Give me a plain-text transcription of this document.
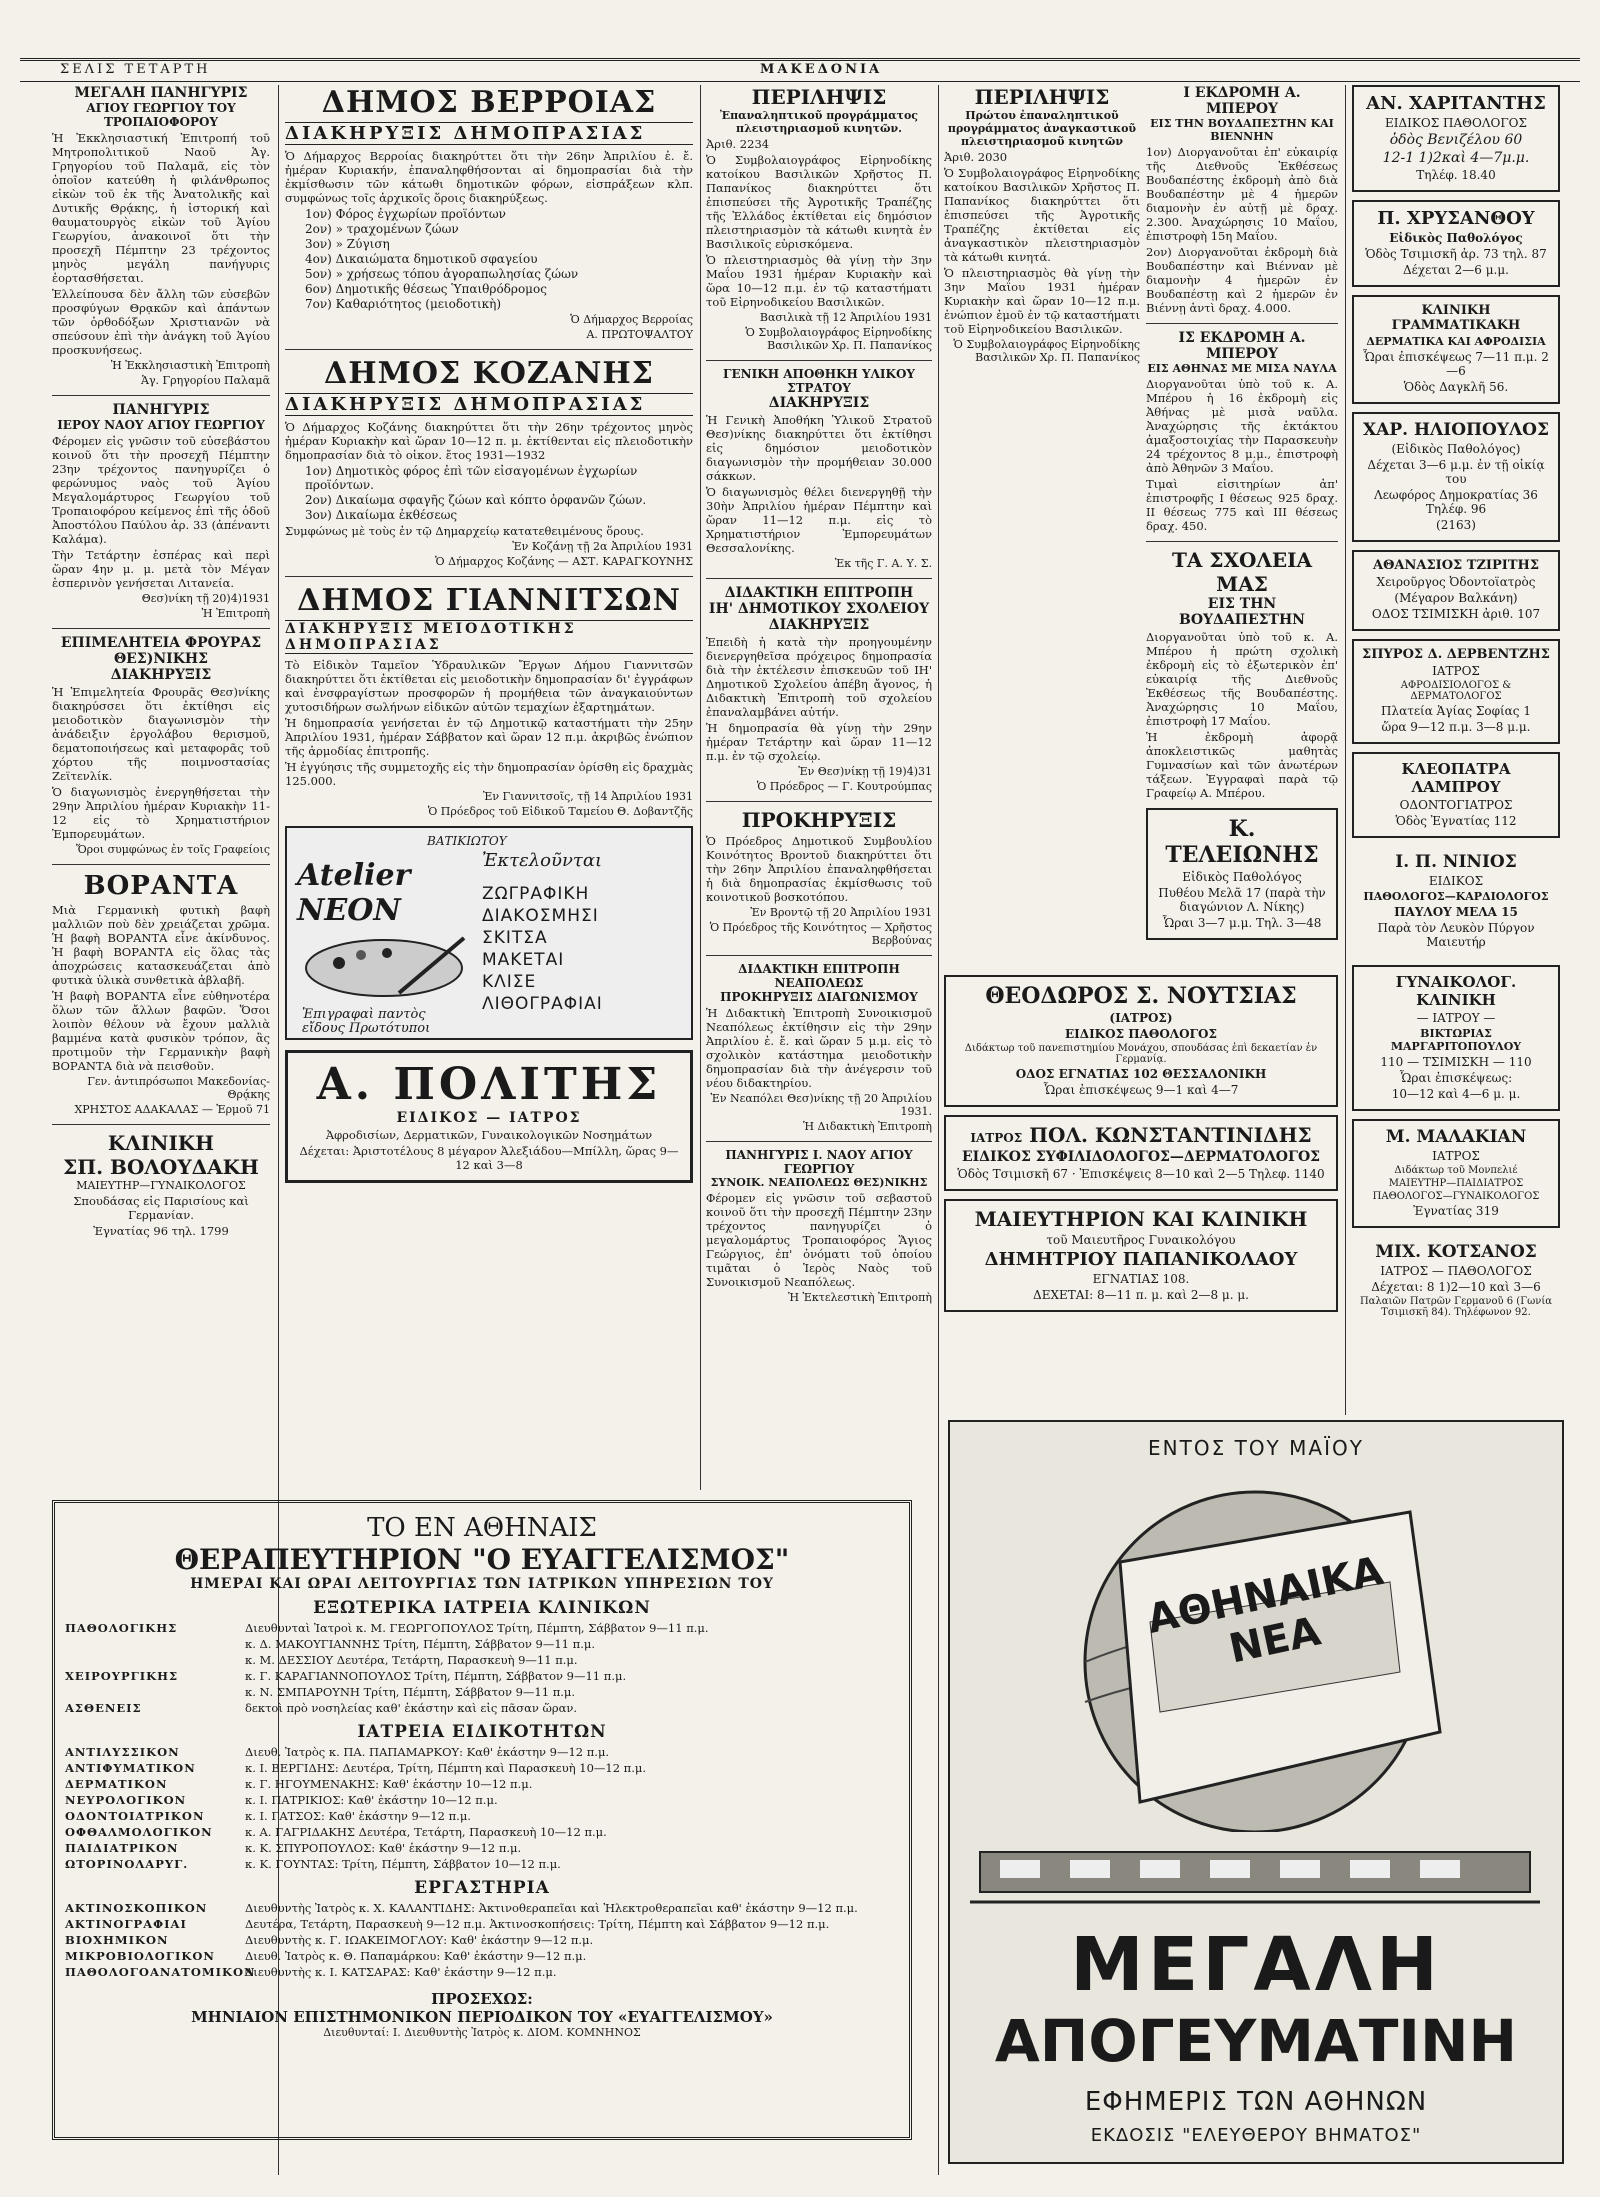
ΣΕΛΙΣ ΤΕΤΑΡΤΗ	ΜΑΚΕΔΟΝΙΑ
ΜΕΓΑΛΗ ΠΑΝΗΓΥΡΙΣ
ΑΓΙΟΥ ΓΕΩΡΓΙΟΥ ΤΟΥ ΤΡΟΠΑΙΟΦΟΡΟΥ

Ἡ Ἐκκλησιαστική Ἐπιτροπή τοῦ Μητροπολιτικοῦ Ναοῦ Ἁγ. Γρηγορίου τοῦ Παλαμᾶ, εἰς τὸν ὁποῖον κατεύθη ἡ φιλάνθρωπος εἰκὼν τοῦ ἐκ τῆς Ἀνατολικῆς καὶ Δυτικῆς Θρᾴκης, ἡ ἱστορική καὶ θαυματουργὸς εἰκὼν τοῦ Ἁγίου Γεωργίου, ἀνακοινοῖ ὅτι τὴν προσεχῆ Πέμπτην 23 τρέχοντος μηνὸς μεγάλη πανήγυρις ἐορτασθήσεται.

Ἑλλείπουσα δὲν ἄλλη τῶν εὐσεβῶν προσφύγων Θρᾳκῶν καὶ ἁπάντων τῶν ὀρθοδόξων Χριστιανῶν νὰ σπεύσουν ἐπὶ τὴν ἀνάγκη τοῦ Ἁγίου προσκυνήσεως.

Ἡ Ἐκκλησιαστικὴ Ἐπιτροπὴ
Ἁγ. Γρηγορίου Παλαμᾶ
ΠΑΝΗΓΥΡΙΣ
ΙΕΡΟΥ ΝΑΟΥ ΑΓΙΟΥ ΓΕΩΡΓΙΟΥ

Φέρομεν εἰς γνῶσιν τοῦ εὐσεβάστου κοινοῦ ὅτι τὴν προσεχῆ Πέμπτην 23ην τρέχοντος πανηγυρίζει ὁ φερώνυμος ναὸς τοῦ Ἁγίου Μεγαλομάρτυρος Γεωργίου τοῦ Τροπαιοφόρου κείμενος ἐπὶ τῆς ὁδοῦ Ἀποστόλου Παύλου ἀρ. 33 (ἀπέναντι Καλάμα).

Τὴν Τετάρτην ἑσπέρας καὶ περὶ ὥραν 4ην μ. μ. μετὰ τὸν Μέγαν ἑσπερινὸν γενήσεται Λιτανεία.

Θεσ)νίκη τῇ 20)4)1931
Ἡ Ἐπιτροπὴ
ΕΠΙΜΕΛΗΤΕΙΑ ΦΡΟΥΡΑΣ ΘΕΣ)ΝΙΚΗΣ
ΔΙΑΚΗΡΥΞΙΣ

Ἡ Ἐπιμελητεία Φρουρᾶς Θεσ)νίκης διακηρύσσει ὅτι ἐκτίθησι εἰς μειοδοτικὸν διαγωνισμὸν τὴν ἀνάδειξιν ἐργολάβου θερισμοῦ, δεματοποιήσεως καὶ μεταφορᾶς τοῦ χόρτου τῆς ποιμνοστασίας Ζεϊτενλίκ.

Ὁ διαγωνισμὸς ἐνεργηθήσεται τὴν 29ην Ἀπριλίου ἡμέραν Κυριακὴν 11-12 εἰς τὸ Χρηματιστήριον Ἐμπορευμάτων.

Ὅροι συμφώνως ἐν τοῖς Γραφείοις
ΒΟΡΑΝΤΑ

Μιὰ Γερμανικὴ φυτικὴ βαφὴ μαλλιῶν ποὺ δὲν χρειάζεται χρῶμα. Ἡ βαφὴ ΒΟΡΑΝΤΑ εἶνε ἀκίνδυνος. Ἡ βαφὴ ΒΟΡΑΝΤΑ εἰς ὅλας τὰς ἀποχρώσεις κατασκευάζεται ἀπὸ φυτικὰ ὑλικὰ συνθετικὰ ἀβλαβῆ.

Ἡ βαφὴ ΒΟΡΑΝΤΑ εἶνε εὐθηνοτέρα ὅλων τῶν ἄλλων βαφῶν. Ὅσοι λοιπὸν θέλουν νὰ ἔχουν μαλλιὰ βαμμένα κατὰ φυσικὸν τρόπον, ἂς προτιμοῦν τὴν Γερμανικὴν βαφὴ ΒΟΡΑΝΤΑ διὰ νὰ πεισθοῦν.

Γεν. ἀντιπρόσωποι Μακεδονίας-Θρᾴκης
ΧΡΗΣΤΟΣ ΑΔΑΚΑΛΑΣ — Ἑρμοῦ 71
ΚΛΙΝΙΚΗ
ΣΠ. ΒΟΛΟΥΔΑΚΗ
ΜΑΙΕΥΤΗΡ—ΓΥΝΑΙΚΟΛΟΓΟΣ

Σπουδάσας εἰς Παρισίους καὶ Γερμανίαν.

Ἐγνατίας 96 τηλ. 1799

ΔΗΜΟΣ ΒΕΡΡΟΙΑΣ
ΔΙΑΚΗΡΥΞΙΣ ΔΗΜΟΠΡΑΣΙΑΣ

Ὁ Δήμαρχος Βερροίας διακηρύττει ὅτι τὴν 26ην Ἀπριλίου ἐ. ἔ. ἡμέραν Κυριακήν, ἐπαναληφθήσονται αἱ δημοπρασίαι διὰ τὴν ἐκμίσθωσιν τῶν κάτωθι δημοτικῶν φόρων, εἰσπράξεων κλπ. συμφώνως τοῖς ἀρχικοῖς ὅροις διακηρύξεως.

1ον) Φόρος ἐγχωρίων προϊόντων
2ον) » τραχομένων ζώων
3ον) » Ζύγιση
4ον) Δικαιώματα δημοτικοῦ σφαγείου
5ον) » χρήσεως τόπου ἀγοραπωλησίας ζώων
6ον) Δημοτικῆς θέσεως Ὑπαιθρόδρομος
7ον) Καθαριότητος (μειοδοτικὴ)
Ὁ Δήμαρχος Βερροίας
Α. ΠΡΩΤΟΨΑΛΤΟΥ
ΔΗΜΟΣ ΚΟΖΑΝΗΣ
ΔΙΑΚΗΡΥΞΙΣ ΔΗΜΟΠΡΑΣΙΑΣ

Ὁ Δήμαρχος Κοζάνης διακηρύττει ὅτι τὴν 26ην τρέχοντος μηνὸς ἡμέραν Κυριακὴν καὶ ὥραν 10—12 π. μ. ἐκτίθενται εἰς πλειοδοτικὴν δημοπρασίαν διὰ τὸ οἰκον. ἔτος 1931—1932

1ον) Δημοτικὸς φόρος ἐπὶ τῶν εἰσαγομένων ἐγχωρίων προϊόντων.
2ον) Δικαίωμα σφαγῆς ζώων καὶ κόπτο ὀρφανῶν ζώων.
3ον) Δικαίωμα ἐκθέσεως

Συμφώνως μὲ τοὺς ἐν τῷ Δημαρχείῳ κατατεθειμένους ὅρους.

Ἐν Κοζάνῃ τῇ 2α Ἀπριλίου 1931
Ὁ Δήμαρχος Κοζάνης — ΑΣΤ. ΚΑΡΑΓΚΟΥΝΗΣ
ΔΗΜΟΣ ΓΙΑΝΝΙΤΣΩΝ
ΔΙΑΚΗΡΥΞΙΣ ΜΕΙΟΔΟΤΙΚΗΣ ΔΗΜΟΠΡΑΣΙΑΣ

Τὸ Εἰδικὸν Ταμεῖον Ὑδραυλικῶν Ἔργων Δήμου Γιαννιτσῶν διακηρύττει ὅτι ἐκτίθεται εἰς μειοδοτικὴν δημοπρασίαν δι' ἐγγράφων καὶ ἐνσφραγίστων προσφορῶν ἡ προμήθεια τῶν ἀναγκαιούντων χυτοσιδήρων σωλήνων εἰδικῶν αὐτῶν τεμαχίων ἐξαρτημάτων.

Ἡ δημοπρασία γενήσεται ἐν τῷ Δημοτικῷ καταστήματι τὴν 25ην Ἀπριλίου 1931, ἡμέραν Σάββατον καὶ ὥραν 12 π.μ. ἀκριβῶς ἐνώπιον τῆς ἁρμοδίας ἐπιτροπῆς.

Ἡ ἐγγύησις τῆς συμμετοχῆς εἰς τὴν δημοπρασίαν ὁρίσθη εἰς δραχμὰς 125.000.

Ἐν Γιαννιτσοῖς, τῇ 14 Ἀπριλίου 1931
Ὁ Πρόεδρος τοῦ Εἰδικοῦ Ταμείου Θ. Δοβαντζῆς
ΒΑΤΙΚΙΩΤΟΥ
Atelier NEON
Ἐκτελοῦνται
ΖΩΓΡΑΦΙΚΗ
ΔΙΑΚΟΣΜΗΣΙ
ΣΚΙΤΣΑ
ΜΑΚΕΤΑΙ
ΚΛΙΣΕ
ΛΙΘΟΓΡΑΦΙΑΙ
Ἐπιγραφαὶ παντὸς εἴδους Πρωτότυποι
Α. ΠΟΛΙΤΗΣ
ΕΙΔΙΚΟΣ — ΙΑΤΡΟΣ

Ἀφροδισίων, Δερματικῶν, Γυναικολογικῶν Νοσημάτων

Δέχεται: Ἀριστοτέλους 8 μέγαρον Ἀλεξιάδου—Μπίλλη, ὥρας 9—12 καὶ 3—8

ΤΟ ΕΝ ΑΘΗΝΑΙΣ
ΘΕΡΑΠΕΥΤΗΡΙΟΝ "Ο ΕΥΑΓΓΕΛΙΣΜΟΣ"
ΗΜΕΡΑΙ ΚΑΙ ΩΡΑΙ ΛΕΙΤΟΥΡΓΙΑΣ ΤΩΝ ΙΑΤΡΙΚΩΝ ΥΠΗΡΕΣΙΩΝ ΤΟΥ
ΕΞΩΤΕΡΙΚΑ ΙΑΤΡΕΙΑ ΚΛΙΝΙΚΩΝ
ΠΑΘΟΛΟΓΙΚΗΣ	Διευθυνταὶ Ἰατροὶ κ. Μ. ΓΕΩΡΓΟΠΟΥΛΟΣ Τρίτη, Πέμπτη, Σάββατον 9—11 π.μ.
κ. Δ. ΜΑΚΟΥΓΙΑΝΝΗΣ Τρίτη, Πέμπτη, Σάββατον 9—11 π.μ.
κ. Μ. ΔΕΣΣΙΟΥ Δευτέρα, Τετάρτη, Παρασκευὴ 9—11 π.μ.
ΧΕΙΡΟΥΡΓΙΚΗΣ	κ. Γ. ΚΑΡΑΓΙΑΝΝΟΠΟΥΛΟΣ Τρίτη, Πέμπτη, Σάββατον 9—11 π.μ.
κ. Ν. ΣΜΠΑΡΟΥΝΗ Τρίτη, Πέμπτη, Σάββατον 9—11 π.μ.
ΑΣΘΕΝΕΙΣ	δεκτοὶ πρὸ νοσηλείας καθ' ἑκάστην καὶ εἰς πᾶσαν ὥραν.
ΙΑΤΡΕΙΑ ΕΙΔΙΚΟΤΗΤΩΝ
ΑΝΤΙΛΥΣΣΙΚΟΝ	Διευθ. Ἰατρὸς κ. ΠΑ. ΠΑΠΑΜΑΡΚΟΥ: Καθ' ἑκάστην 9—12 π.μ.
ΑΝΤΙΦΥΜΑΤΙΚΟΝ	κ. Ι. ΒΕΡΓΙΔΗΣ: Δευτέρα, Τρίτη, Πέμπτη καὶ Παρασκευὴ 10—12 π.μ.
ΔΕΡΜΑΤΙΚΟΝ	κ. Γ. ΗΓΟΥΜΕΝΑΚΗΣ: Καθ' ἑκάστην 10—12 π.μ.
ΝΕΥΡΟΛΟΓΙΚΟΝ	κ. Ι. ΠΑΤΡΙΚΙΟΣ: Καθ' ἑκάστην 10—12 π.μ.
ΟΔΟΝΤΟΙΑΤΡΙΚΟΝ	κ. Ι. ΓΑΤΣΟΣ: Καθ' ἑκάστην 9—12 π.μ.
ΟΦΘΑΛΜΟΛΟΓΙΚΟΝ	κ. Α. ΓΑΓΡΙΔΑΚΗΣ Δευτέρα, Τετάρτη, Παρασκευὴ 10—12 π.μ.
ΠΑΙΔΙΑΤΡΙΚΟΝ	κ. Κ. ΣΠΥΡΟΠΟΥΛΟΣ: Καθ' ἑκάστην 9—12 π.μ.
ΩΤΟΡΙΝΟΛΑΡΥΓ.	κ. Κ. ΓΟΥΝΤΑΣ: Τρίτη, Πέμπτη, Σάββατον 10—12 π.μ.
ΕΡΓΑΣΤΗΡΙΑ
ΑΚΤΙΝΟΣΚΟΠΙΚΟΝ	Διευθυντὴς Ἰατρὸς κ. Χ. ΚΑΛΑΝΤΙΔΗΣ: Ἀκτινοθεραπεῖαι καὶ Ἠλεκτροθεραπεῖαι καθ' ἑκάστην 9—12 π.μ.
ΑΚΤΙΝΟΓΡΑΦΙΑΙ	Δευτέρα, Τετάρτη, Παρασκευὴ 9—12 π.μ. Ἀκτινοσκοπήσεις: Τρίτη, Πέμπτη καὶ Σάββατον 9—12 π.μ.
ΒΙΟΧΗΜΙΚΟΝ	Διευθυντὴς κ. Γ. ΙΩΑΚΕΙΜΟΓΛΟΥ: Καθ' ἑκάστην 9—12 π.μ.
ΜΙΚΡΟΒΙΟΛΟΓΙΚΟΝ	Διευθ. Ἰατρὸς κ. Θ. Παπαμάρκου: Καθ' ἑκάστην 9—12 π.μ.
ΠΑΘΟΛΟΓΟΑΝΑΤΟΜΙΚΟΝ
Διευθυντὴς κ. Ι. ΚΑΤΣΑΡΑΣ: Καθ' ἑκάστην 9—12 π.μ.
ΠΡΟΣΕΧΩΣ:
ΜΗΝΙΑΙΟΝ ΕΠΙΣΤΗΜΟΝΙΚΟΝ ΠΕΡΙΟΔΙΚΟΝ ΤΟΥ «ΕΥΑΓΓΕΛΙΣΜΟΥ»
Διευθυνταί: Ι. Διευθυντὴς Ἰατρὸς κ. ΔΙΟΜ. ΚΟΜΝΗΝΟΣ
ΠΕΡΙΛΗΨΙΣ
Ἐπαναληπτικοῦ προγράμματος πλειστηριασμοῦ κινητῶν.

Ἀριθ. 2234

Ὁ Συμβολαιογράφος Εἰρηνοδίκης κατοίκου Βασιλικῶν Χρῆστος Π. Παπανίκος διακηρύττει ὅτι ἐπισπεύσει τῆς Ἀγροτικῆς Τραπέζης τῆς Ἑλλάδος ἐκτίθεται εἰς δημόσιον πλειστηριασμὸν τὰ κάτωθι κινητὰ ἐν Βασιλικοῖς εὑρισκόμενα.

Ὁ πλειστηριασμὸς θὰ γίνῃ τὴν 3ην Μαΐου 1931 ἡμέραν Κυριακὴν καὶ ὥρα 10—12 π.μ. ἐν τῷ καταστήματι τοῦ Εἰρηνοδικείου Βασιλικῶν.

Βασιλικὰ τῇ 12 Ἀπριλίου 1931
Ὁ Συμβολαιογράφος Εἰρηνοδίκης Βασιλικῶν Χρ. Π. Παπανίκος
ΓΕΝΙΚΗ ΑΠΟΘΗΚΗ ΥΛΙΚΟΥ ΣΤΡΑΤΟΥ
ΔΙΑΚΗΡΥΞΙΣ

Ἡ Γενικὴ Ἀποθήκη Ὑλικοῦ Στρατοῦ Θεσ)νίκης διακηρύττει ὅτι ἐκτίθησι εἰς δημόσιον μειοδοτικὸν διαγωνισμὸν τὴν προμήθειαν 30.000 σάκκων.

Ὁ διαγωνισμὸς θέλει διενεργηθῇ τὴν 30ὴν Ἀπριλίου ἡμέραν Πέμπτην καὶ ὥραν 11—12 π.μ. εἰς τὸ Χρηματιστήριον Ἐμπορευμάτων Θεσσαλονίκης.

Ἐκ τῆς Γ. Α. Υ. Σ.
ΔΙΔΑΚΤΙΚΗ ΕΠΙΤΡΟΠΗ
ΙΗ' ΔΗΜΟΤΙΚΟΥ ΣΧΟΛΕΙΟΥ
ΔΙΑΚΗΡΥΞΙΣ

Ἐπειδὴ ἡ κατὰ τὴν προηγουμένην διενεργηθεῖσα πρόχειρος δημοπρασία διὰ τὴν ἐκτέλεσιν ἐπισκευῶν τοῦ ΙΗ' Δημοτικοῦ Σχολείου ἀπέβη ἄγονος, ἡ Διδακτικὴ Ἐπιτροπὴ τοῦ σχολείου ἐπαναλαμβάνει αὐτήν.

Ἡ δημοπρασία θὰ γίνῃ τὴν 29ην ἡμέραν Τετάρτην καὶ ὥραν 11—12 π.μ. ἐν τῷ σχολείῳ.

Ἐν Θεσ)νίκῃ τῇ 19)4)31
Ὁ Πρόεδρος — Γ. Κουτρούμπας
ΠΡΟΚΗΡΥΞΙΣ

Ὁ Πρόεδρος Δημοτικοῦ Συμβουλίου Κοινότητος Βροντοῦ διακηρύττει ὅτι τὴν 26ην Ἀπριλίου ἐπαναληφθήσεται ἡ διὰ δημοπρασίας ἐκμίσθωσις τοῦ κοινοτικοῦ βοσκοτόπου.

Ἐν Βροντῷ τῇ 20 Ἀπριλίου 1931
Ὁ Πρόεδρος τῆς Κοινότητος — Χρῆστος Βερβούνας
ΔΙΔΑΚΤΙΚΗ ΕΠΙΤΡΟΠΗ ΝΕΑΠΟΛΕΩΣ
ΠΡΟΚΗΡΥΞΙΣ ΔΙΑΓΩΝΙΣΜΟΥ

Ἡ Διδακτικὴ Ἐπιτροπὴ Συνοικισμοῦ Νεαπόλεως ἐκτίθησιν εἰς τὴν 29ην Ἀπριλίου ἐ. ἔ. καὶ ὥραν 5 μ.μ. εἰς τὸ σχολικὸν κατάστημα μειοδοτικὴν δημοπρασίαν διὰ τὴν ἀνέγερσιν τοῦ νέου διδακτηρίου.

Ἐν Νεαπόλει Θεσ)νίκης τῇ 20 Ἀπριλίου 1931.
Ἡ Διδακτικὴ Ἐπιτροπὴ
ΠΑΝΗΓΥΡΙΣ Ι. ΝΑΟΥ ΑΓΙΟΥ ΓΕΩΡΓΙΟΥ
ΣΥΝΟΙΚ. ΝΕΑΠΟΛΕΩΣ ΘΕΣ)ΝΙΚΗΣ

Φέρομεν εἰς γνῶσιν τοῦ σεβαστοῦ κοινοῦ ὅτι τὴν προσεχῆ Πέμπτην 23ην τρέχοντος πανηγυρίζει ὁ μεγαλομάρτυς Τροπαιοφόρος Ἅγιος Γεώργιος, ἐπ' ὀνόματι τοῦ ὁποίου τιμᾶται ὁ Ἱερὸς Ναὸς τοῦ Συνοικισμοῦ Νεαπόλεως.

Ἡ Ἐκτελεστικὴ Ἐπιτροπὴ
ΠΕΡΙΛΗΨΙΣ
Πρώτου ἐπαναληπτικοῦ προγράμματος ἀναγκαστικοῦ πλειστηριασμοῦ κινητῶν

Ἀριθ. 2030

Ὁ Συμβολαιογράφος Εἰρηνοδίκης κατοίκου Βασιλικῶν Χρῆστος Π. Παπανίκος διακηρύττει ὅτι ἐπισπεύσει τῆς Ἀγροτικῆς Τραπέζης ἐκτίθεται εἰς ἀναγκαστικὸν πλειστηριασμὸν τὰ κάτωθι κινητά.

Ὁ πλειστηριασμὸς θὰ γίνῃ τὴν 3ην Μαΐου 1931 ἡμέραν Κυριακὴν καὶ ὥραν 10—12 π.μ. ἐνώπιον ἐμοῦ ἐν τῷ καταστήματι τοῦ Εἰρηνοδικείου Βασιλικῶν.

Ὁ Συμβολαιογράφος Εἰρηνοδίκης Βασιλικῶν Χρ. Π. Παπανίκος
Ι ΕΚΔΡΟΜΗ Α. ΜΠΕΡΟΥ
ΕΙΣ ΤΗΝ ΒΟΥΔΑΠΕΣΤΗΝ ΚΑΙ ΒΙΕΝΝΗΝ

1ον) Διοργανοῦται ἐπ' εὐκαιρίᾳ τῆς Διεθνοῦς Ἐκθέσεως Βουδαπέστης ἐκδρομὴ ἀπὸ διὰ Βουδαπέστην μὲ 4 ἡμερῶν διαμονὴν ἐν αὐτῇ μὲ δραχ. 2.300. Ἀναχώρησις 10 Μαΐου, ἐπιστροφὴ 15η Μαΐου.

2ον) Διοργανοῦται ἐκδρομὴ διὰ Βουδαπέστην καὶ Βιένναν μὲ διαμονὴν 4 ἡμερῶν ἐν Βουδαπέστῃ καὶ 2 ἡμερῶν ἐν Βιέννῃ ἀντὶ δραχ. 4.000.

ΙΣ ΕΚΔΡΟΜΗ Α. ΜΠΕΡΟΥ
ΕΙΣ ΑΘΗΝΑΣ ΜΕ ΜΙΣΑ ΝΑΥΛΑ

Διοργανοῦται ὑπὸ τοῦ κ. Α. Μπέρου ἡ 16 ἐκδρομὴ εἰς Ἀθήνας μὲ μισὰ ναῦλα. Ἀναχώρησις τῆς ἐκτάκτου ἁμαξοστοιχίας τὴν Παρασκευὴν 24 τρέχοντος 8 μ.μ., ἐπιστροφὴ ἀπὸ Ἀθηνῶν 3 Μαΐου.

Τιμαὶ εἰσιτηρίων ἀπ' ἐπιστροφῆς Ι θέσεως 925 δραχ. ΙΙ θέσεως 775 καὶ ΙΙΙ θέσεως δραχ. 450.

ΤΑ ΣΧΟΛΕΙΑ ΜΑΣ
ΕΙΣ ΤΗΝ ΒΟΥΔΑΠΕΣΤΗΝ

Διοργανοῦται ὑπὸ τοῦ κ. Α. Μπέρου ἡ πρώτη σχολικὴ ἐκδρομὴ εἰς τὸ ἐξωτερικὸν ἐπ' εὐκαιρίᾳ τῆς Διεθνοῦς Ἐκθέσεως τῆς Βουδαπέστης. Ἀναχώρησις 10 Μαΐου, ἐπιστροφὴ 17 Μαΐου.

Ἡ ἐκδρομὴ ἀφορᾷ ἀποκλειστικῶς μαθητὰς Γυμνασίων καὶ τῶν ἀνωτέρων τάξεων. Ἐγγραφαὶ παρὰ τῷ Γραφείῳ Α. Μπέρου.

Κ. ΤΕΛΕΙΩΝΗΣ
Εἰδικὸς Παθολόγος
Πυθέου Μελᾶ 17 (παρὰ τὴν διαγώνιον Λ. Νίκης)
Ὧραι 3—7 μ.μ. Τηλ. 3—48
ΘΕΟΔΩΡΟΣ Σ. ΝΟΥΤΣΙΑΣ
(ΙΑΤΡΟΣ)
ΕΙΔΙΚΟΣ ΠΑΘΟΛΟΓΟΣ
Διδάκτωρ τοῦ πανεπιστημίου Μονάχου, σπουδάσας ἐπὶ δεκαετίαν ἐν Γερμανίᾳ.
ΟΔΟΣ ΕΓΝΑΤΙΑΣ 102 ΘΕΣΣΑΛΟΝΙΚΗ
Ὧραι ἐπισκέψεως 9—1 καὶ 4—7
ΙΑΤΡΟΣ ΠΟΛ. ΚΩΝΣΤΑΝΤΙΝΙΔΗΣ
ΕΙΔΙΚΟΣ ΣΥΦΙΛΙΔΟΛΟΓΟΣ—ΔΕΡΜΑΤΟΛΟΓΟΣ
Ὁδὸς Τσιμισκῆ 67 · Ἐπισκέψεις 8—10 καὶ 2—5 Τηλεφ. 1140
ΜΑΙΕΥΤΗΡΙΟΝ ΚΑΙ ΚΛΙΝΙΚΗ
τοῦ Μαιευτῆρος Γυναικολόγου
ΔΗΜΗΤΡΙΟΥ ΠΑΠΑΝΙΚΟΛΑΟΥ
ΕΓΝΑΤΙΑΣ 108.
ΔΕΧΕΤΑΙ: 8—11 π. μ. καὶ 2—8 μ. μ.
ΑΝ. ΧΑΡΙΤΑΝΤΗΣ
ΕΙΔΙΚΟΣ ΠΑΘΟΛΟΓΟΣ
ὁδὸς Βενιζέλου 60
12-1 1)2καὶ 4—7μ.μ.
Τηλέφ. 18.40
Π. ΧΡΥΣΑΝΘΟΥ
Εἰδικὸς Παθολόγος
Ὁδὸς Τσιμισκῆ ἀρ. 73 τηλ. 87
Δέχεται 2—6 μ.μ.
ΚΛΙΝΙΚΗ ΓΡΑΜΜΑΤΙΚΑΚΗ
ΔΕΡΜΑΤΙΚΑ ΚΑΙ ΑΦΡΟΔΙΣΙΑ
Ὧραι ἐπισκέψεως 7—11 π.μ. 2—6
Ὁδὸς Δαγκλῆ 56.
ΧΑΡ. ΗΛΙΟΠΟΥΛΟΣ
(Εἰδικὸς Παθολόγος)
Δέχεται 3—6 μ.μ. ἐν τῇ οἰκίᾳ του
Λεωφόρος Δημοκρατίας 36 Τηλέφ. 96
(2163)
ΑΘΑΝΑΣΙΟΣ ΤΖΙΡΙΤΗΣ
Χειροῦργος Ὀδοντοϊατρὸς
(Μέγαρον Βαλκάνη)
ΟΔΟΣ ΤΣΙΜΙΣΚΗ ἀριθ. 107
ΣΠΥΡΟΣ Δ. ΔΕΡΒΕΝΤΖΗΣ
ΙΑΤΡΟΣ
ΑΦΡΟΔΙΣΙΟΛΟΓΟΣ & ΔΕΡΜΑΤΟΛΟΓΟΣ
Πλατεία Ἁγίας Σοφίας 1
ὥρα 9—12 π.μ. 3—8 μ.μ.
ΚΛΕΟΠΑΤΡΑ ΛΑΜΠΡΟΥ
ΟΔΟΝΤΟΓΙΑΤΡΟΣ
Ὁδὸς Ἐγνατίας 112
Ι. Π. ΝΙΝΙΟΣ
ΕΙΔΙΚΟΣ
ΠΑΘΟΛΟΓΟΣ—ΚΑΡΔΙΟΛΟΓΟΣ
ΠΑΥΛΟΥ ΜΕΛΑ 15
Παρὰ τὸν Λευκὸν Πύργον Μαιευτήρ
ΓΥΝΑΙΚΟΛΟΓ. ΚΛΙΝΙΚΗ
— ΙΑΤΡΟΥ —
ΒΙΚΤΩΡΙΑΣ ΜΑΡΓΑΡΙΤΟΠΟΥΛΟΥ
110 — ΤΣΙΜΙΣΚΗ — 110
Ὧραι ἐπισκέψεως:
10—12 καὶ 4—6 μ. μ.
Μ. ΜΑΛΑΚΙΑΝ
ΙΑΤΡΟΣ
Διδάκτωρ τοῦ Μονπελιέ
ΜΑΙΕΥΤΗΡ—ΠΑΙΔΙΑΤΡΟΣ
ΠΑΘΟΛΟΓΟΣ—ΓΥΝΑΙΚΟΛΟΓΟΣ
Ἐγνατίας 319
ΜΙΧ. ΚΟΤΣΑΝΟΣ
ΙΑΤΡΟΣ — ΠΑΘΟΛΟΓΟΣ
Δέχεται: 8 1)2—10 καὶ 3—6
Παλαιῶν Πατρῶν Γερμανοῦ 6 (Γωνία Τσιμισκῆ 84). Τηλέφωνον 92.
ΕΝΤΟΣ ΤΟΥ ΜΑΪΟΥ
ΑΘΗΝΑΙΚΑ ΝΕΑ
ΜΕΓΑΛΗ
ΑΠΟΓΕΥΜΑΤΙΝΗ
ΕΦΗΜΕΡΙΣ ΤΩΝ ΑΘΗΝΩΝ
ΕΚΔΟΣΙΣ "ΕΛΕΥΘΕΡΟΥ ΒΗΜΑΤΟΣ"
